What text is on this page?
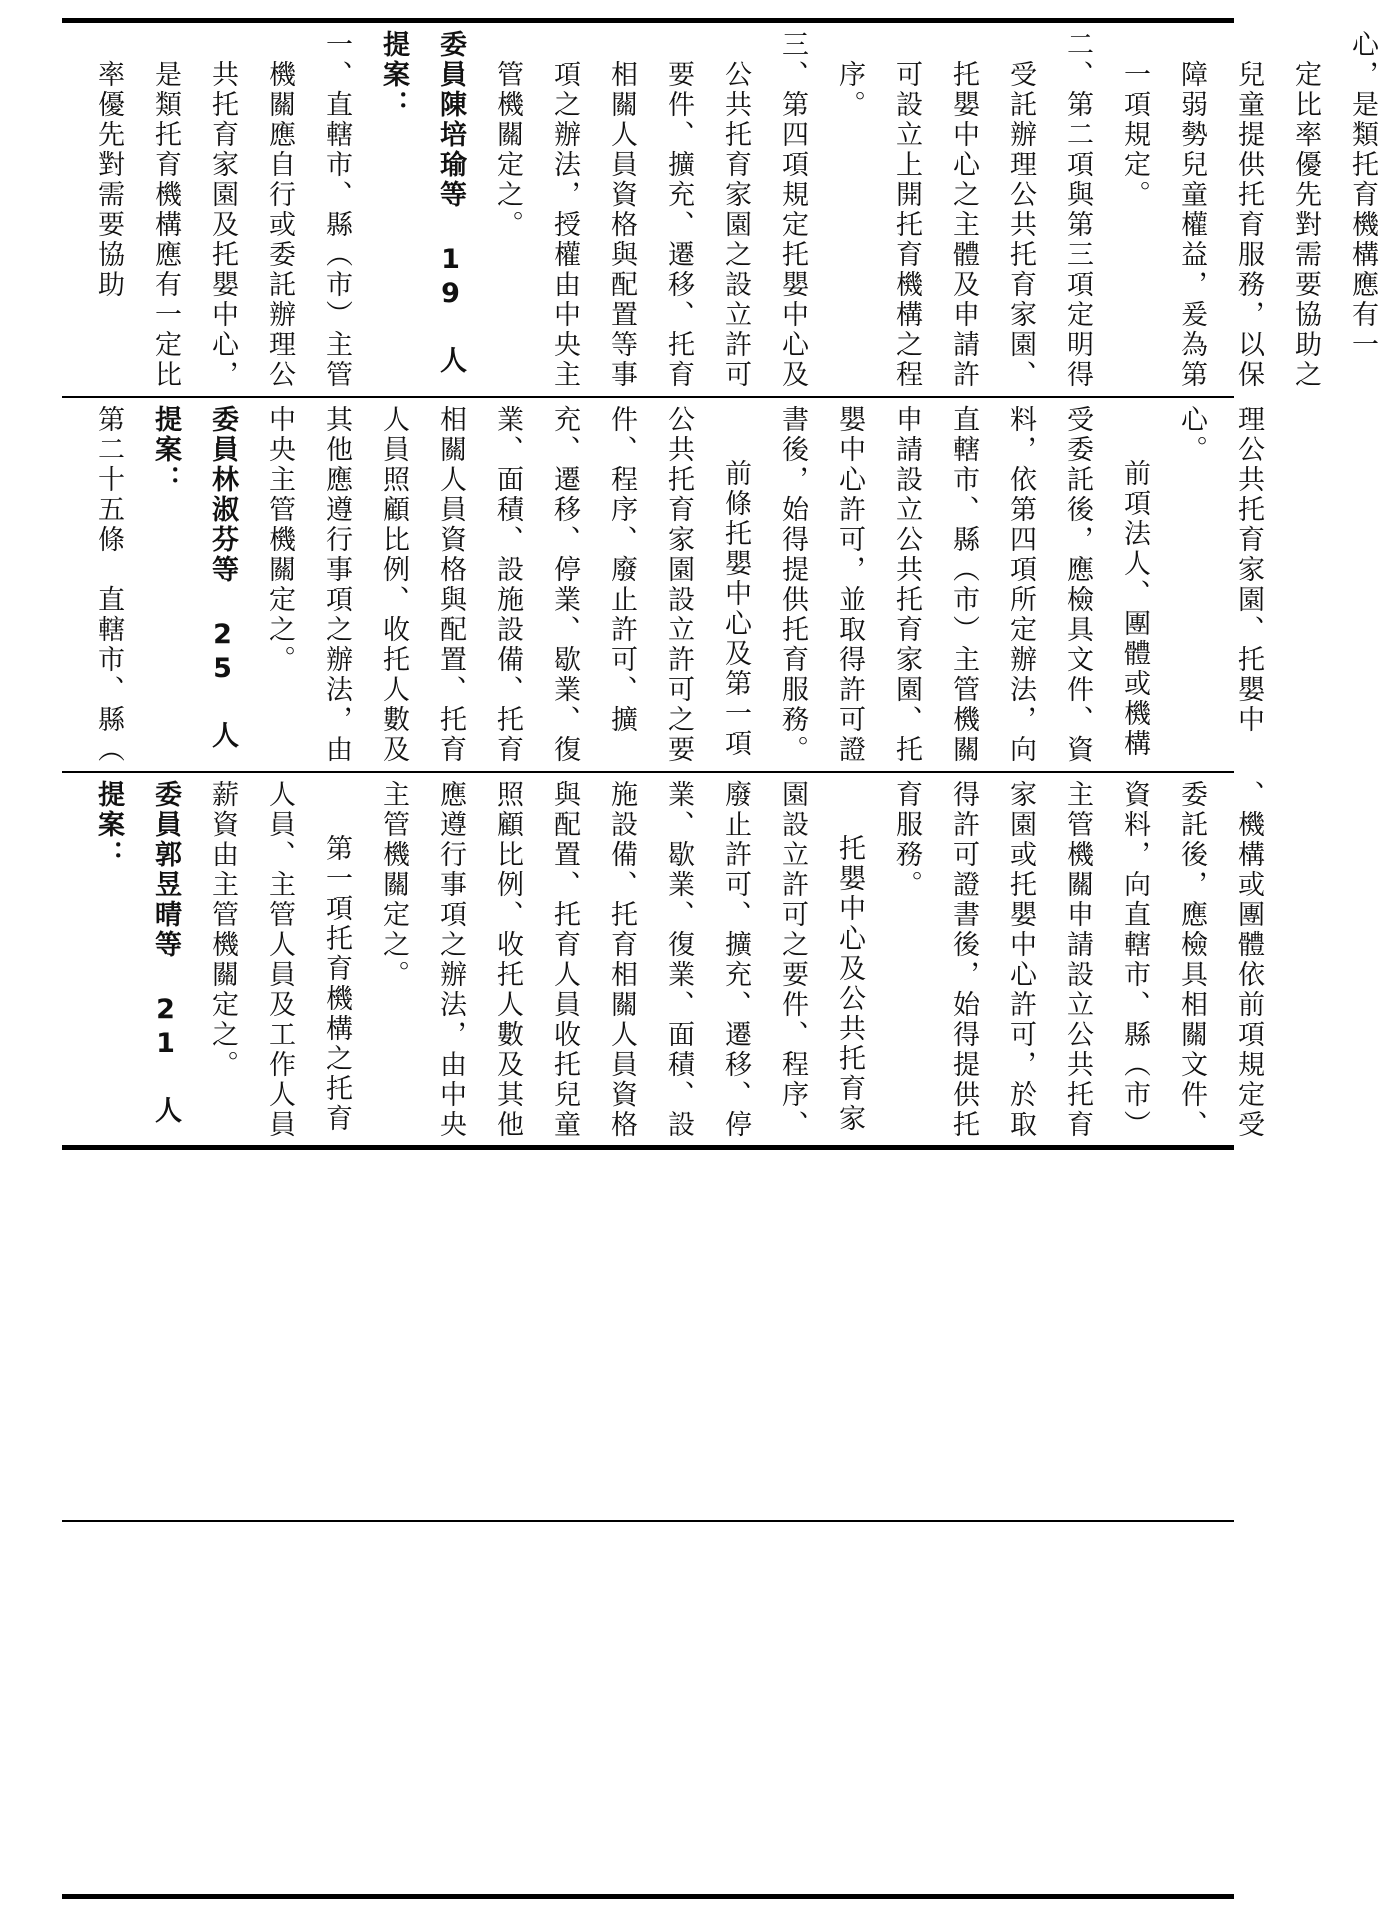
心，是類托育機構應有一

定比率優先對需要協助之兒童提供托育服務，以保障弱勢兒童權益，爰為第一項規定。

二、第二項與第三項定明得

受託辦理公共托育家園、托嬰中心之主體及申請許可設立上開托育機構之程序。

三、第四項規定托嬰中心及

公共托育家園之設立許可要件、擴充、遷移、托育相關人員資格與配置等事項之辦法，授權由中央主管機關定之。

委員陳培瑜等 19 人提案：

一、直轄市、縣（市）主管

機關應自行或委託辦理公共托育家園及托嬰中心，是類托育機構應有一定比率優先對需要協助

理公共托育家園、托嬰中心。

前項法人、團體或機構受委託後，應檢具文件、資料，依第四項所定辦法，向直轄市、縣（市）主管機關申請設立公共托育家園、托嬰中心許可，並取得許可證書後，始得提供托育服務。

前條托嬰中心及第一項公共托育家園設立許可之要件、程序、廢止許可、擴充、遷移、停業、歇業、復業、面積、設施設備、托育相關人員資格與配置、托育人員照顧比例、收托人數及其他應遵行事項之辦法，由中央主管機關定之。

委員林淑芬等 25 人提案：

第二十五條　直轄市、縣（

、機構或團體依前項規定受委託後，應檢具相關文件、資料，向直轄市、縣（市）主管機關申請設立公共托育家園或托嬰中心許可，於取得許可證書後，始得提供托育服務。

托嬰中心及公共托育家園設立許可之要件、程序、廢止許可、擴充、遷移、停業、歇業、復業、面積、設施設備、托育相關人員資格與配置、托育人員收托兒童照顧比例、收托人數及其他應遵行事項之辦法，由中央主管機關定之。

第一項托育機構之托育人員、主管人員及工作人員薪資由主管機關定之。

委員郭昱晴等 21 人提案：
